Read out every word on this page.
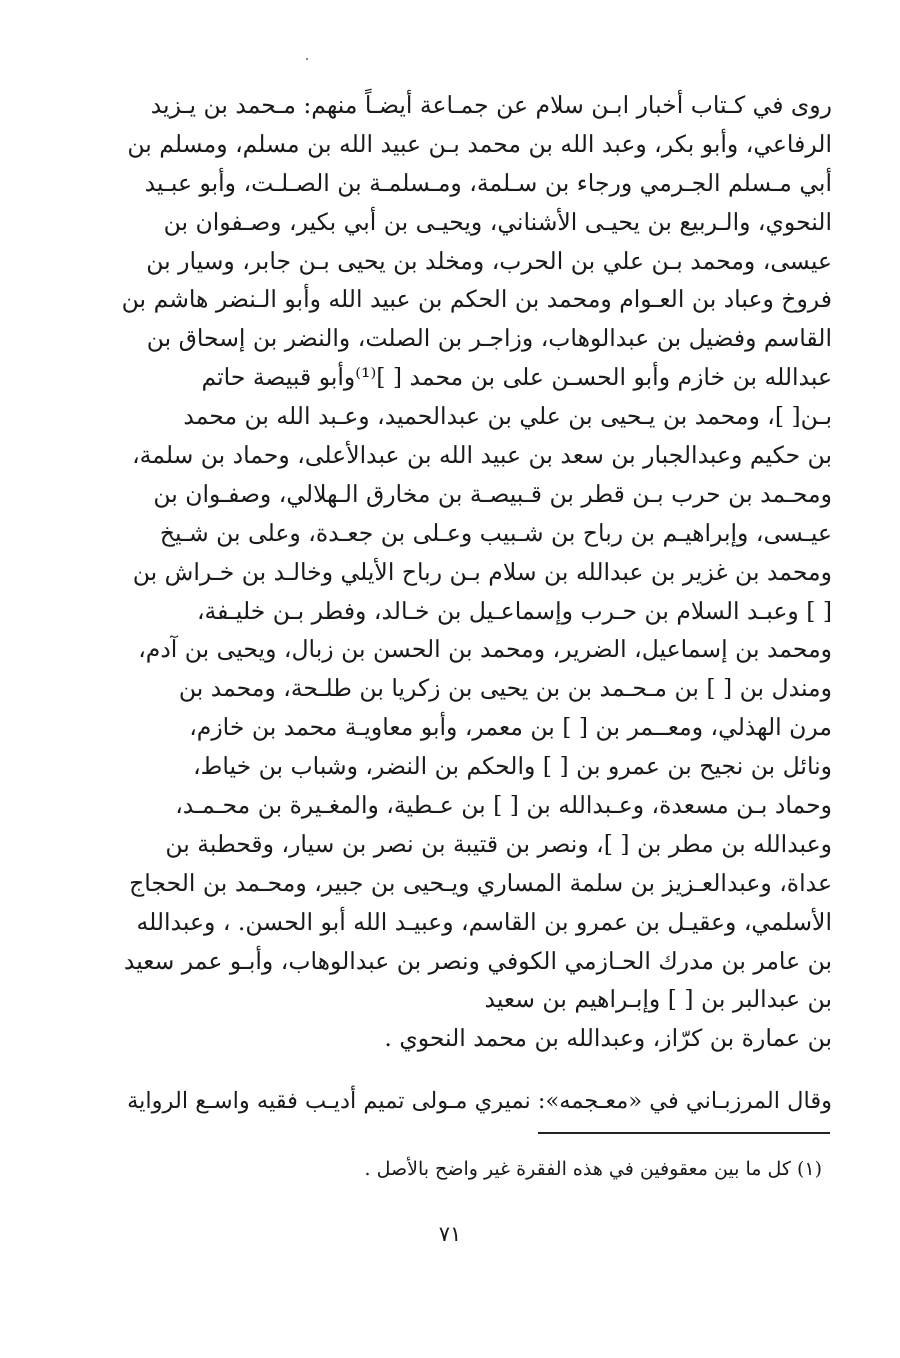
روى في كـتاب أخبار ابـن سلام عن جمـاعة أيضـاً منهم: مـحمد بن يـزيد
الرفاعي، وأبو بكر، وعبد الله بن محمد بـن عبيد الله بن مسلم، ومسلم بن
أبي مـسلم الجـرمي ورجاء بن سـلمة، ومـسلمـة بن الصـلـت، وأبو عبـيد
النحوي، والـربيع بن يحيـى الأشناني، ويحيـى بن أبي بكير، وصـفوان بن
عيسى، ومحمد بـن علي بن الحرب، ومخلد بن يحيى بـن جابر، وسيار بن
فروخ وعباد بن العـوام ومحمد بن الحكم بن عبيد الله وأبو الـنضر هاشم بن
القاسم وفضيل بن عبدالوهاب، وزاجـر بن الصلت، والنضر بن إسحاق بن
عبدالله بن خازم وأبو الحسـن على بن محمد [ ]⁽¹⁾وأبو قبيصة حاتم
بـن[ ]، ومحمد بن يـحيى بن علي بن عبدالحميد، وعـبد الله بن محمد
بن حكيم وعبدالجبار بن سعد بن عبيد الله بن عبدالأعلى، وحماد بن سلمة،
ومحـمد بن حرب بـن قطر بن قـبيصـة بن مخارق الـهلالي، وصفـوان بن
عيـسى، وإبراهيـم بن رباح بن شـبيب وعـلى بن جعـدة، وعلى بن شـيخ
ومحمد بن غزير بن عبدالله بن سلام بـن رباح الأيلي وخالـد بن خـراش بن
[ ] وعبـد السلام بن حـرب وإسماعـيل بن خـالد، وفطر بـن خليـفة،
ومحمد بن إسماعيل، الضرير، ومحمد بن الحسن بن زبال، ويحيى بن آدم،
ومندل بن [ ] بن مـحـمد بن بن يحيى بن زكريا بن طلـحة، ومحمد بن
مرن الهذلي، ومعــمر بن [ ] بن معمر، وأبو معاويـة محمد بن خازم،
ونائل بن نجيح بن عمرو بن [ ] والحكم بن النضر، وشباب بن خياط،
وحماد بـن مسعدة، وعـبدالله بن [ ] بن عـطية، والمغـيرة بن محـمـد،
وعبدالله بن مطر بن [ ]، ونصر بن قتيبة بن نصر بن سيار، وقحطبة بن
عداة، وعبدالعـزيز بن سلمة المساري ويـحيى بن جبير، ومحـمد بن الحجاج
الأسلمي، وعقيـل بن عمرو بن القاسم، وعبيـد الله أبو الحسن. ، وعبدالله
بن عامر بن مدرك الحـازمي الكوفي ونصر بن عبدالوهاب، وأبـو عمر سعيد
بن عبدالبر بن [ ] وإبـراهيم بن سعيد
بن عمارة بن كرّاز، وعبدالله بن محمد النحوي .
وقال المرزبـاني في «معـجمه»: نميري مـولى تميم أديـب فقيه واسـع الرواية
(١) كل ما بين معقوفين في هذه الفقرة غير واضح بالأصل .
٧١
